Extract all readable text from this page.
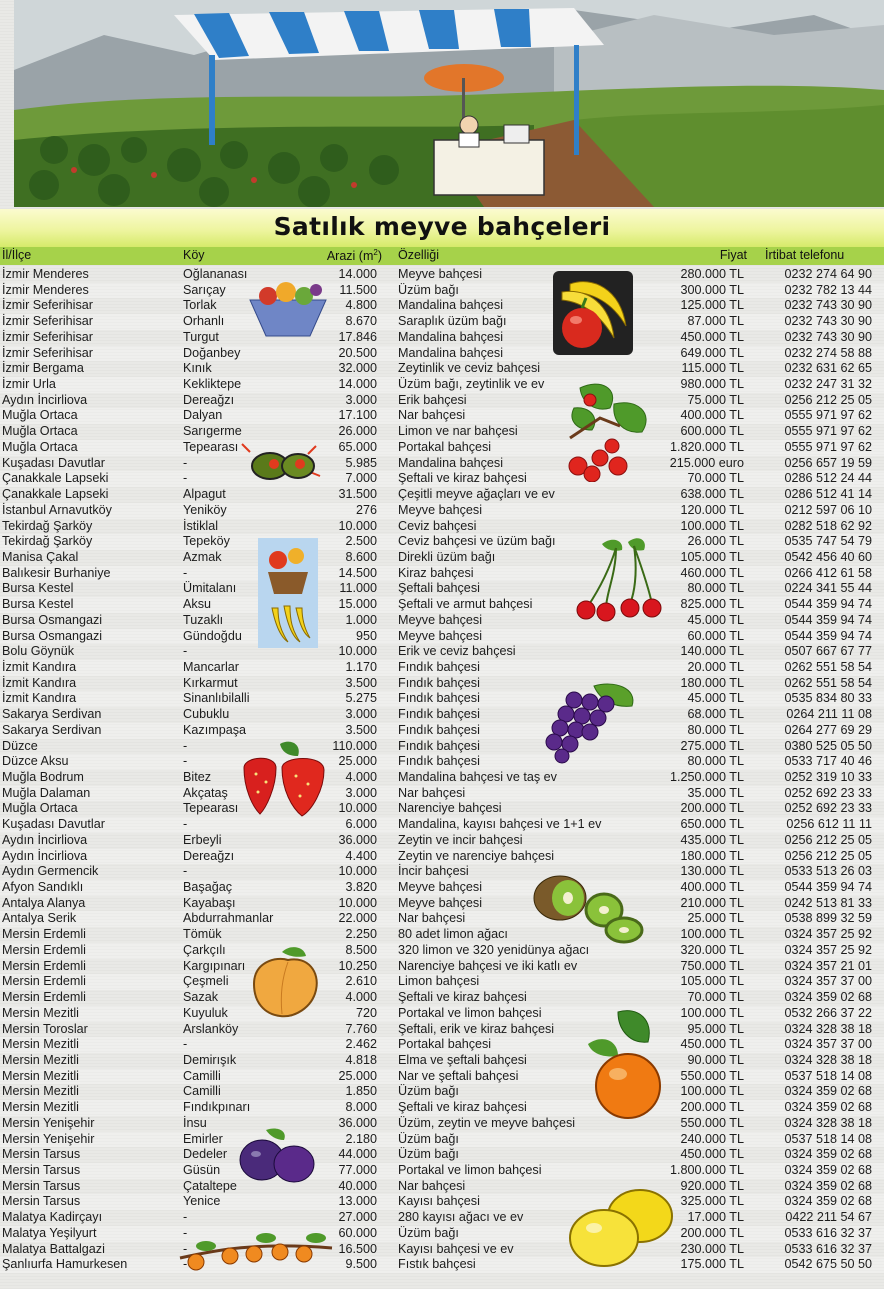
Satılık meyve bahçeleri
İl/İlçe	Köy	Arazi $(m^2)$ Özelliği	Fiyat İrtibat telefonu
İzmir Menderes	Oğlananası	14.000 Meyve bahçesi	280.000 TL	0232 274 64 90
İzmir Menderes	Sarıçay	11.500 Üzüm bağı	300.000 TL	0232 782 13 44
İzmir Seferihisar	Torlak	4.800 Mandalina bahçesi	125.000 TL	0232 743 30 90
İzmir Seferihisar	Orhanlı	8.670 Saraplık üzüm bağı	87.000 TL	0232 743 30 90
İzmir Seferihisar	Turgut	17.846 Mandalina bahçesi	450.000 TL	0232 743 30 90
İzmir Seferihisar	Doğanbey	20.500 Mandalina bahçesi	649.000 TL	0232 274 58 88
İzmir Bergama	Kınık	32.000 Zeytinlik ve ceviz bahçesi	115.000 TL	0232 631 62 65
İzmir Urla	Kekliktepe	14.000 Üzüm bağı, zeytinlik ve ev	980.000 TL	0232 247 31 32
Aydın İncirliova	Dereağzı	3.000 Erik bahçesi	75.000 TL	0256 212 25 05
Muğla Ortaca	Dalyan	17.100 Nar bahçesi	400.000 TL	0555 971 97 62
Muğla Ortaca	Sarıgerme	26.000 Limon ve nar bahçesi	600.000 TL	0555 971 97 62
Muğla Ortaca	Tepearası	65.000 Portakal bahçesi	1.820.000 TL	0555 971 97 62
Kuşadası Davutlar	-	5.985 Mandalina bahçesi	215.000 euro	0256 657 19 59
Çanakkale Lapseki	-	7.000 Şeftali ve kiraz bahçesi	70.000 TL	0286 512 24 44
Çanakkale Lapseki	Alpagut	31.500 Çeşitli meyve ağaçları ve ev	638.000 TL	0286 512 41 14
İstanbul Arnavutköy	Yeniköy	276 Meyve bahçesi	120.000 TL	0212 597 06 10
Tekirdağ Şarköy	İstiklal	10.000 Ceviz bahçesi	100.000 TL	0282 518 62 92
Tekirdağ Şarköy	Tepeköy	2.500 Ceviz bahçesi ve üzüm bağı	26.000 TL	0535 747 54 79
Manisa Çakal	Azmak	8.600 Direkli üzüm bağı	105.000 TL	0542 456 40 60
Balıkesir Burhaniye	-	14.500 Kiraz bahçesi	460.000 TL	0266 412 61 58
Bursa Kestel	Ümitalanı	11.000 Şeftali bahçesi	80.000 TL	0224 341 55 44
Bursa Kestel	Aksu	15.000 Şeftali ve armut bahçesi	825.000 TL	0544 359 94 74
Bursa Osmangazi	Tuzaklı	1.000 Meyve bahçesi	45.000 TL	0544 359 94 74
Bursa Osmangazi	Gündoğdu	950 Meyve bahçesi	60.000 TL	0544 359 94 74
Bolu Göynük	-	10.000 Erik ve ceviz bahçesi	140.000 TL	0507 667 67 77
İzmit Kandıra	Mancarlar	1.170 Fındık bahçesi	20.000 TL	0262 551 58 54
İzmit Kandıra	Kırkarmut	3.500 Fındık bahçesi	180.000 TL	0262 551 58 54
İzmit Kandıra	Sinanlıbilalli	5.275 Fındık bahçesi	45.000 TL	0535 834 80 33
Sakarya Serdivan	Cubuklu	3.000 Fındık bahçesi	68.000 TL	0264 211 11 08
Sakarya Serdivan	Kazımpaşa	3.500 Fındık bahçesi	80.000 TL	0264 277 69 29
Düzce	-	110.000 Fındık bahçesi	275.000 TL	0380 525 05 50
Düzce Aksu	-	25.000 Fındık bahçesi	80.000 TL	0533 717 40 46
Muğla Bodrum	Bitez	4.000 Mandalina bahçesi ve taş ev	1.250.000 TL	0252 319 10 33
Muğla Dalaman	Akçataş	3.000 Nar bahçesi	35.000 TL	0252 692 23 33
Muğla Ortaca	Tepearası	10.000 Narenciye bahçesi	200.000 TL	0252 692 23 33
Kuşadası Davutlar	-	6.000 Mandalina, kayısı bahçesi ve 1+1 ev	650.000 TL	0256 612 11 11
Aydın İncirliova	Erbeyli	36.000 Zeytin ve incir bahçesi	435.000 TL	0256 212 25 05
Aydın İncirliova	Dereağzı	4.400 Zeytin ve narenciye bahçesi	180.000 TL	0256 212 25 05
Aydın Germencik	-	10.000 İncir bahçesi	130.000 TL	0533 513 26 03
Afyon Sandıklı	Başağaç	3.820 Meyve bahçesi	400.000 TL	0544 359 94 74
Antalya Alanya	Kayabaşı	10.000 Meyve bahçesi	210.000 TL	0242 513 81 33
Antalya Serik	Abdurrahmanlar	22.000 Nar bahçesi	25.000 TL	0538 899 32 59
Mersin Erdemli	Tömük	2.250 80 adet limon ağacı	100.000 TL	0324 357 25 92
Mersin Erdemli	Çarkçılı	8.500 320 limon ve 320 yenidünya ağacı	320.000 TL	0324 357 25 92
Mersin Erdemli	Kargıpınarı	10.250 Narenciye bahçesi ve iki katlı ev	750.000 TL	0324 357 21 01
Mersin Erdemli	Çeşmeli	2.610 Limon bahçesi	105.000 TL	0324 357 37 00
Mersin Erdemli	Sazak	4.000 Şeftali ve kiraz bahçesi	70.000 TL	0324 359 02 68
Mersin Mezitli	Kuyuluk	720 Portakal ve limon bahçesi	100.000 TL	0532 266 37 22
Mersin Toroslar	Arslanköy	7.760 Şeftali, erik ve kiraz bahçesi	95.000 TL	0324 328 38 18
Mersin Mezitli	-	2.462 Portakal bahçesi	450.000 TL	0324 357 37 00
Mersin Mezitli	Demirışık	4.818 Elma ve şeftali bahçesi	90.000 TL	0324 328 38 18
Mersin Mezitli	Camilli	25.000 Nar ve şeftali bahçesi	550.000 TL	0537 518 14 08
Mersin Mezitli	Camilli	1.850 Üzüm bağı	100.000 TL	0324 359 02 68
Mersin Mezitli	Fındıkpınarı	8.000 Şeftali ve kiraz bahçesi	200.000 TL	0324 359 02 68
Mersin Yenişehir	İnsu	36.000 Üzüm, zeytin ve meyve bahçesi	550.000 TL	0324 328 38 18
Mersin Yenişehir	Emirler	2.180 Üzüm bağı	240.000 TL	0537 518 14 08
Mersin Tarsus	Dedeler	44.000 Üzüm bağı	450.000 TL	0324 359 02 68
Mersin Tarsus	Güsün	77.000 Portakal ve limon bahçesi	1.800.000 TL	0324 359 02 68
Mersin Tarsus	Çataltepe	40.000 Nar bahçesi	920.000 TL	0324 359 02 68
Mersin Tarsus	Yenice	13.000 Kayısı bahçesi	325.000 TL	0324 359 02 68
Malatya Kadirçayı	-	27.000 280 kayısı ağacı ve ev	17.000 TL	0422 211 54 67
Malatya Yeşilyurt	-	60.000 Üzüm bağı	200.000 TL	0533 616 32 37
Malatya Battalgazi	-	16.500 Kayısı bahçesi ve ev	230.000 TL	0533 616 32 37
Şanlıurfa Hamurkesen	-	9.500 Fıstık bahçesi	175.000 TL	0542 675 50 50
